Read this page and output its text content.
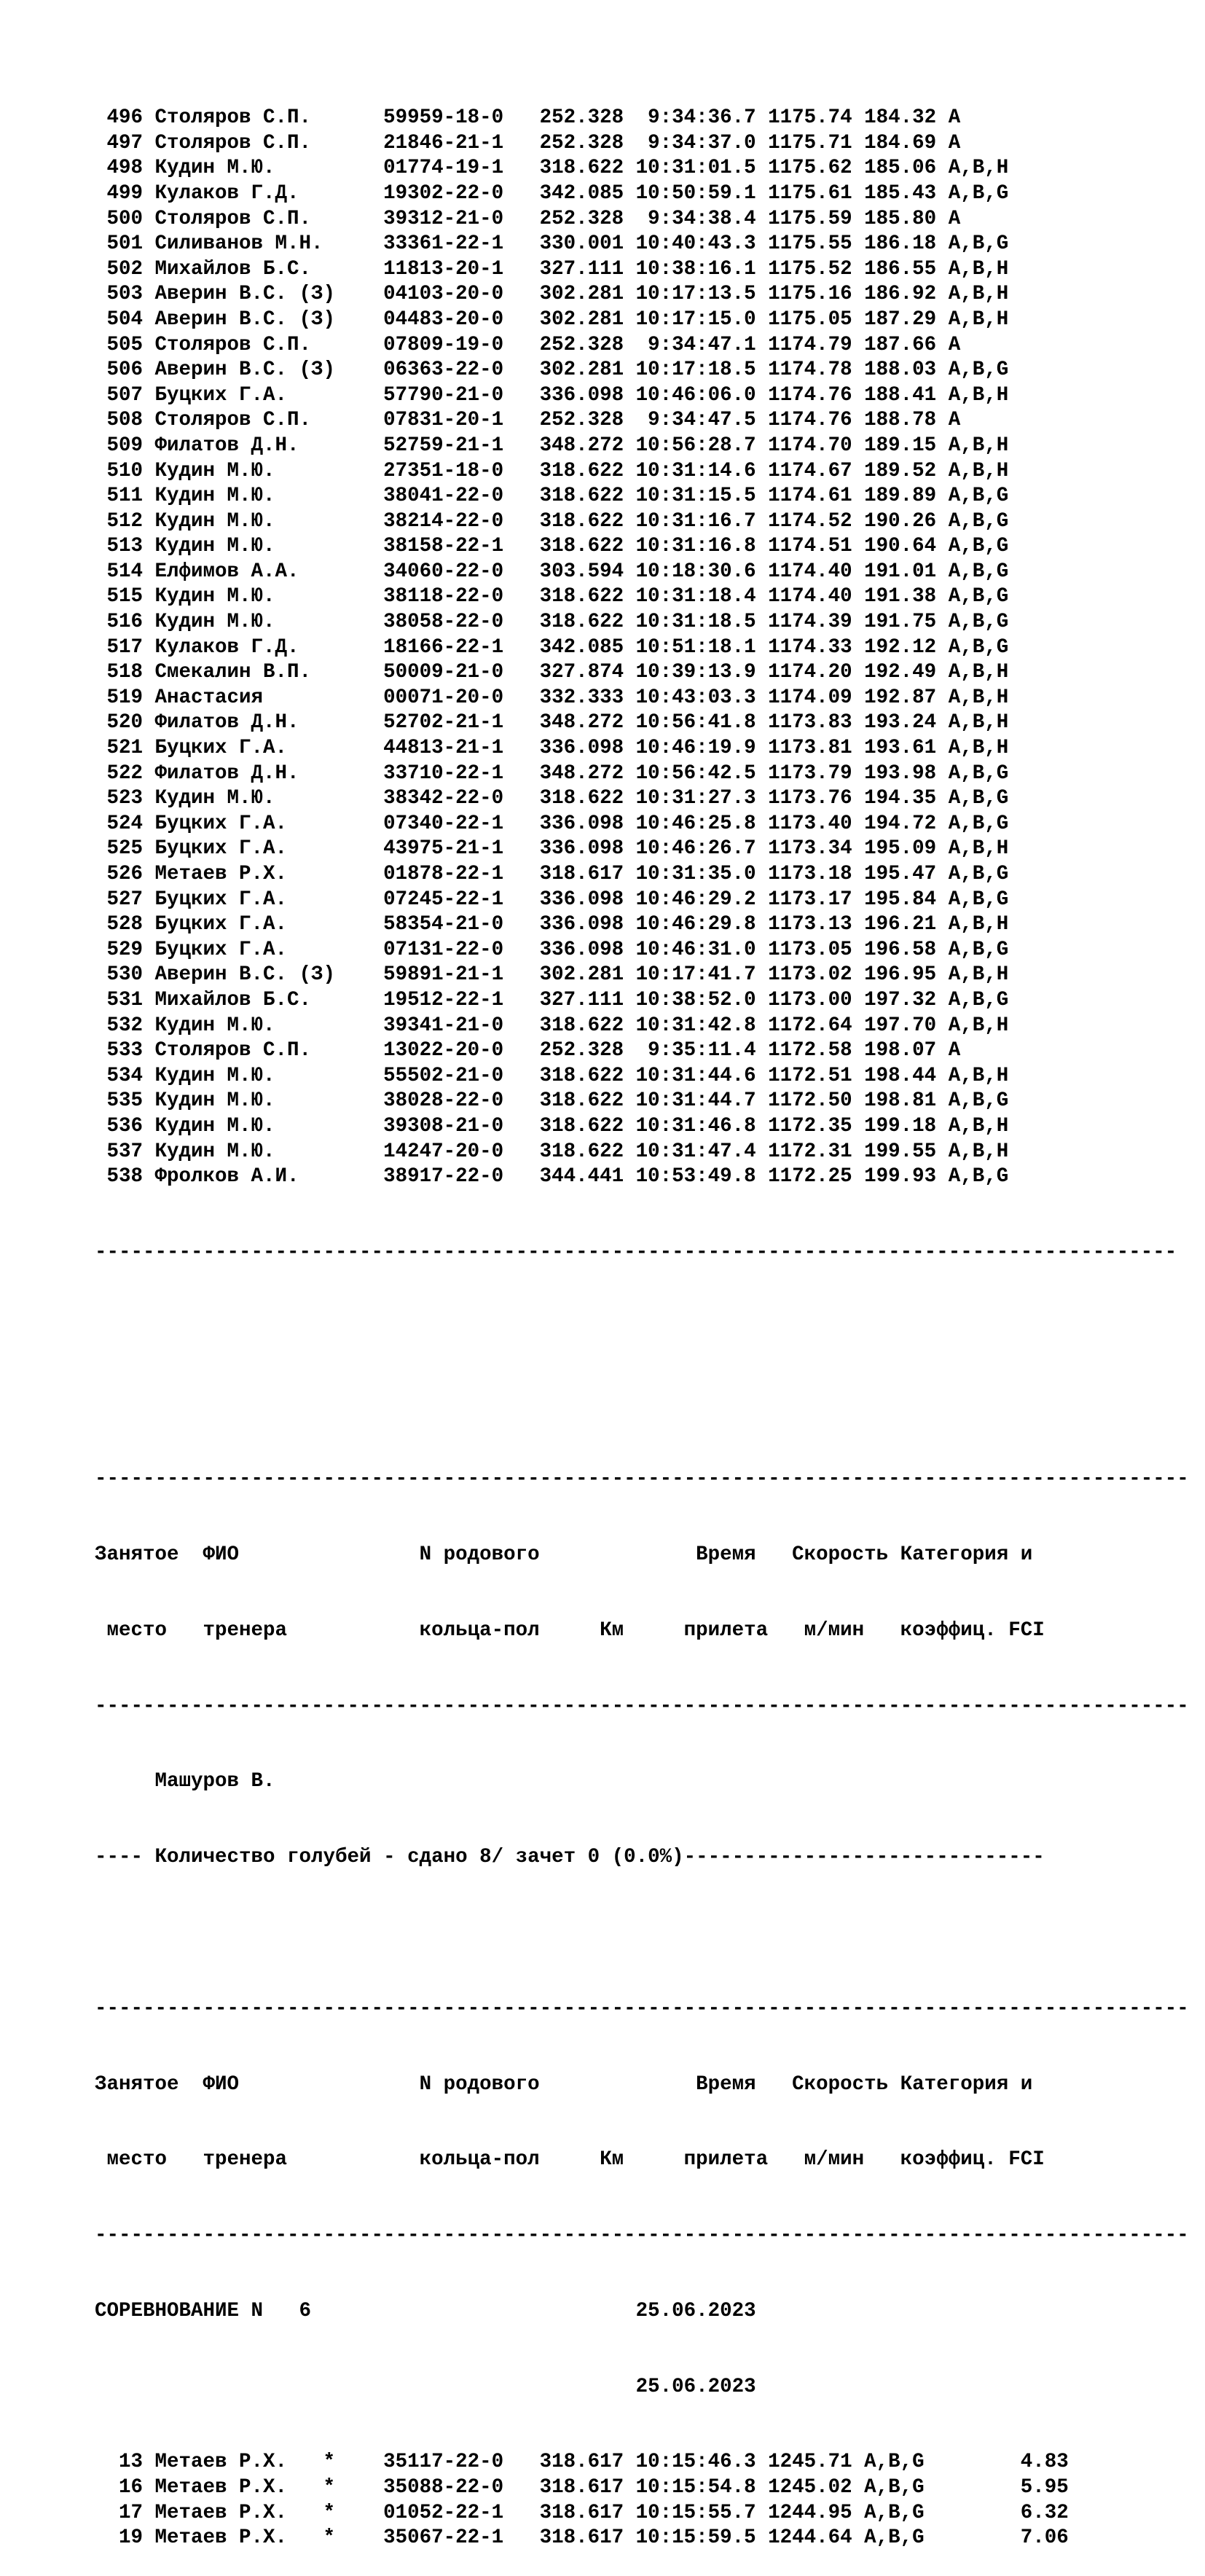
496 Столяров С.П.      59959-18-0   252.328  9:34:36.7 1175.74 184.32 A
497 Столяров С.П.      21846-21-1   252.328  9:34:37.0 1175.71 184.69 A
498 Кудин М.Ю.         01774-19-1   318.622 10:31:01.5 1175.62 185.06 A,B,H
499 Кулаков Г.Д.       19302-22-0   342.085 10:50:59.1 1175.61 185.43 A,B,G
500 Столяров С.П.      39312-21-0   252.328  9:34:38.4 1175.59 185.80 A
501 Силиванов М.Н.     33361-22-1   330.001 10:40:43.3 1175.55 186.18 A,B,G
502 Михайлов Б.С.      11813-20-1   327.111 10:38:16.1 1175.52 186.55 A,B,H
503 Аверин В.С. (З)    04103-20-0   302.281 10:17:13.5 1175.16 186.92 A,B,H
504 Аверин В.С. (З)    04483-20-0   302.281 10:17:15.0 1175.05 187.29 A,B,H
505 Столяров С.П.      07809-19-0   252.328  9:34:47.1 1174.79 187.66 A
506 Аверин В.С. (З)    06363-22-0   302.281 10:17:18.5 1174.78 188.03 A,B,G
507 Буцких Г.А.        57790-21-0   336.098 10:46:06.0 1174.76 188.41 A,B,H
508 Столяров С.П.      07831-20-1   252.328  9:34:47.5 1174.76 188.78 A
509 Филатов Д.Н.       52759-21-1   348.272 10:56:28.7 1174.70 189.15 A,B,H
510 Кудин М.Ю.         27351-18-0   318.622 10:31:14.6 1174.67 189.52 A,B,H
511 Кудин М.Ю.         38041-22-0   318.622 10:31:15.5 1174.61 189.89 A,B,G
512 Кудин М.Ю.         38214-22-0   318.622 10:31:16.7 1174.52 190.26 A,B,G
513 Кудин М.Ю.         38158-22-1   318.622 10:31:16.8 1174.51 190.64 A,B,G
514 Елфимов А.А.       34060-22-0   303.594 10:18:30.6 1174.40 191.01 A,B,G
515 Кудин М.Ю.         38118-22-0   318.622 10:31:18.4 1174.40 191.38 A,B,G
516 Кудин М.Ю.         38058-22-0   318.622 10:31:18.5 1174.39 191.75 A,B,G
517 Кулаков Г.Д.       18166-22-1   342.085 10:51:18.1 1174.33 192.12 A,B,G
518 Смекалин В.П.      50009-21-0   327.874 10:39:13.9 1174.20 192.49 A,B,H
519 Анастасия          00071-20-0   332.333 10:43:03.3 1174.09 192.87 A,B,H
520 Филатов Д.Н.       52702-21-1   348.272 10:56:41.8 1173.83 193.24 A,B,H
521 Буцких Г.А.        44813-21-1   336.098 10:46:19.9 1173.81 193.61 A,B,H
522 Филатов Д.Н.       33710-22-1   348.272 10:56:42.5 1173.79 193.98 A,B,G
523 Кудин М.Ю.         38342-22-0   318.622 10:31:27.3 1173.76 194.35 A,B,G
524 Буцких Г.А.        07340-22-1   336.098 10:46:25.8 1173.40 194.72 A,B,G
525 Буцких Г.А.        43975-21-1   336.098 10:46:26.7 1173.34 195.09 A,B,H
526 Метаев Р.Х.        01878-22-1   318.617 10:31:35.0 1173.18 195.47 A,B,G
527 Буцких Г.А.        07245-22-1   336.098 10:46:29.2 1173.17 195.84 A,B,G
528 Буцких Г.А.        58354-21-0   336.098 10:46:29.8 1173.13 196.21 A,B,H
529 Буцких Г.А.        07131-22-0   336.098 10:46:31.0 1173.05 196.58 A,B,G
530 Аверин В.С. (З)    59891-21-1   302.281 10:17:41.7 1173.02 196.95 A,B,H
531 Михайлов Б.С.      19512-22-1   327.111 10:38:52.0 1173.00 197.32 A,B,G
532 Кудин М.Ю.         39341-21-0   318.622 10:31:42.8 1172.64 197.70 A,B,H
533 Столяров С.П.      13022-20-0   252.328  9:35:11.4 1172.58 198.07 A
534 Кудин М.Ю.         55502-21-0   318.622 10:31:44.6 1172.51 198.44 A,B,H
535 Кудин М.Ю.         38028-22-0   318.622 10:31:44.7 1172.50 198.81 A,B,G
536 Кудин М.Ю.         39308-21-0   318.622 10:31:46.8 1172.35 199.18 A,B,H
537 Кудин М.Ю.         14247-20-0   318.622 10:31:47.4 1172.31 199.55 A,B,H
538 Фролков А.И.       38917-22-0   344.441 10:53:49.8 1172.25 199.93 A,B,G

------------------------------------------------------------------------------------------

-------------------------------------------------------------------------------------------

Занятое  ФИО               N родового             Время   Скорость Категория и

место   тренера           кольца-пол     Км     прилета   м/мин   коэффиц. FCI

-------------------------------------------------------------------------------------------

Машуров В.

---- Количество голубей - сдано 8/ зачет 0 (0.0%)------------------------------

-------------------------------------------------------------------------------------------

Занятое  ФИО               N родового             Время   Скорость Категория и

место   тренера           кольца-пол     Км     прилета   м/мин   коэффиц. FCI

-------------------------------------------------------------------------------------------

СОРЕВНОВАНИЕ N   6                           25.06.2023

25.06.2023

13 Метаев Р.Х.   *    35117-22-0   318.617 10:15:46.3 1245.71 A,B,G        4.83
16 Метаев Р.Х.   *    35088-22-0   318.617 10:15:54.8 1245.02 A,B,G        5.95
17 Метаев Р.Х.   *    01052-22-1   318.617 10:15:55.7 1244.95 A,B,G        6.32
19 Метаев Р.Х.   *    35067-22-1   318.617 10:15:59.5 1244.64 A,B,G        7.06
